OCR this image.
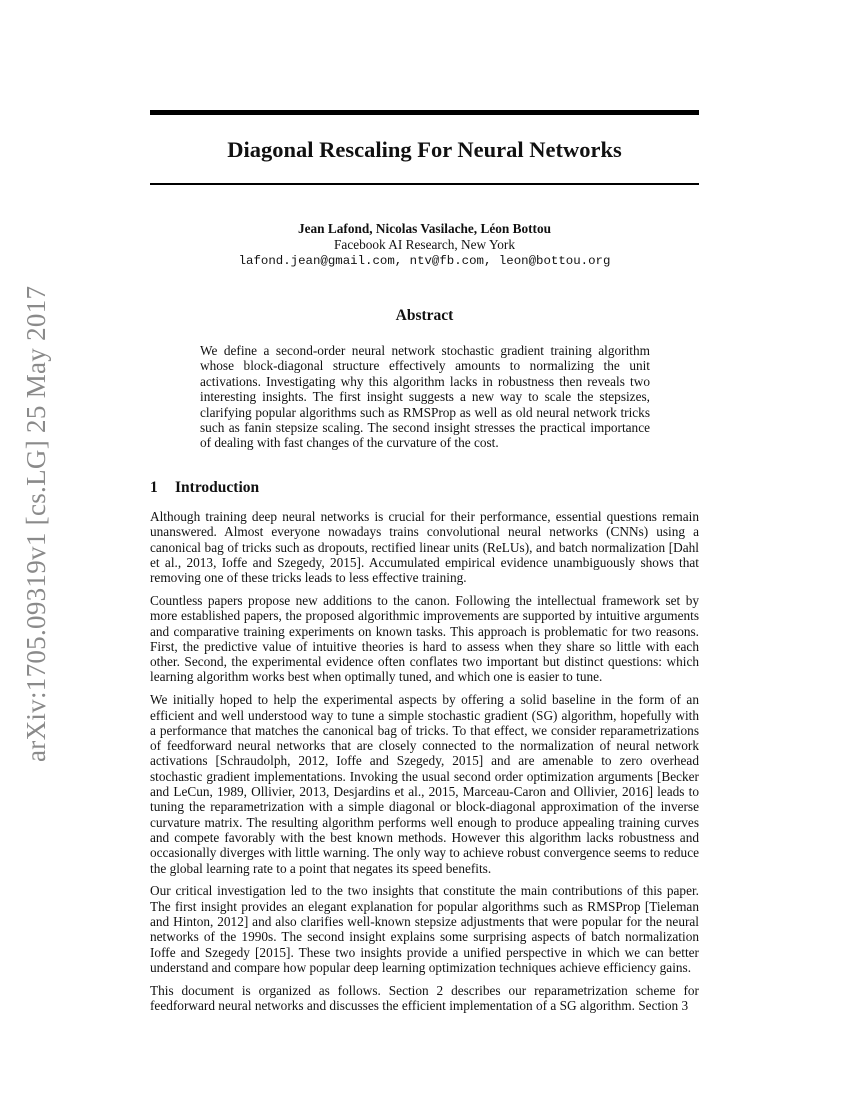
arXiv:1705.09319v1 [cs.LG] 25 May 2017
Diagonal Rescaling For Neural Networks
Jean Lafond, Nicolas Vasilache, Léon Bottou
Facebook AI Research, New York
lafond.jean@gmail.com, ntv@fb.com, leon@bottou.org
Abstract

We define a second-order neural network stochastic gradient training algorithm whose block-diagonal structure effectively amounts to normalizing the unit activations. Investigating why this algorithm lacks in robustness then reveals two interesting insights. The first insight suggests a new way to scale the stepsizes, clarifying popular algorithms such as RMSProp as well as old neural network tricks such as fanin stepsize scaling. The second insight stresses the practical importance of dealing with fast changes of the curvature of the cost.

1 Introduction

Although training deep neural networks is crucial for their performance, essential questions remain unanswered. Almost everyone nowadays trains convolutional neural networks (CNNs) using a canonical bag of tricks such as dropouts, rectified linear units (ReLUs), and batch normalization [Dahl et al., 2013, Ioffe and Szegedy, 2015]. Accumulated empirical evidence unambiguously shows that removing one of these tricks leads to less effective training.

Countless papers propose new additions to the canon. Following the intellectual framework set by more established papers, the proposed algorithmic improvements are supported by intuitive arguments and comparative training experiments on known tasks. This approach is problematic for two reasons. First, the predictive value of intuitive theories is hard to assess when they share so little with each other. Second, the experimental evidence often conflates two important but distinct questions: which learning algorithm works best when optimally tuned, and which one is easier to tune.

We initially hoped to help the experimental aspects by offering a solid baseline in the form of an efficient and well understood way to tune a simple stochastic gradient (SG) algorithm, hopefully with a performance that matches the canonical bag of tricks. To that effect, we consider reparametrizations of feedforward neural networks that are closely connected to the normalization of neural network activations [Schraudolph, 2012, Ioffe and Szegedy, 2015] and are amenable to zero overhead stochastic gradient implementations. Invoking the usual second order optimization arguments [Becker and LeCun, 1989, Ollivier, 2013, Desjardins et al., 2015, Marceau-Caron and Ollivier, 2016] leads to tuning the reparametrization with a simple diagonal or block-diagonal approximation of the inverse curvature matrix. The resulting algorithm performs well enough to produce appealing training curves and compete favorably with the best known methods. However this algorithm lacks robustness and occasionally diverges with little warning. The only way to achieve robust convergence seems to reduce the global learning rate to a point that negates its speed benefits.

Our critical investigation led to the two insights that constitute the main contributions of this paper. The first insight provides an elegant explanation for popular algorithms such as RMSProp [Tieleman and Hinton, 2012] and also clarifies well-known stepsize adjustments that were popular for the neural networks of the 1990s. The second insight explains some surprising aspects of batch normalization Ioffe and Szegedy [2015]. These two insights provide a unified perspective in which we can better understand and compare how popular deep learning optimization techniques achieve efficiency gains.

This document is organized as follows. Section 2 describes our reparametrization scheme for feedforward neural networks and discusses the efficient implementation of a SG algorithm. Section 3
